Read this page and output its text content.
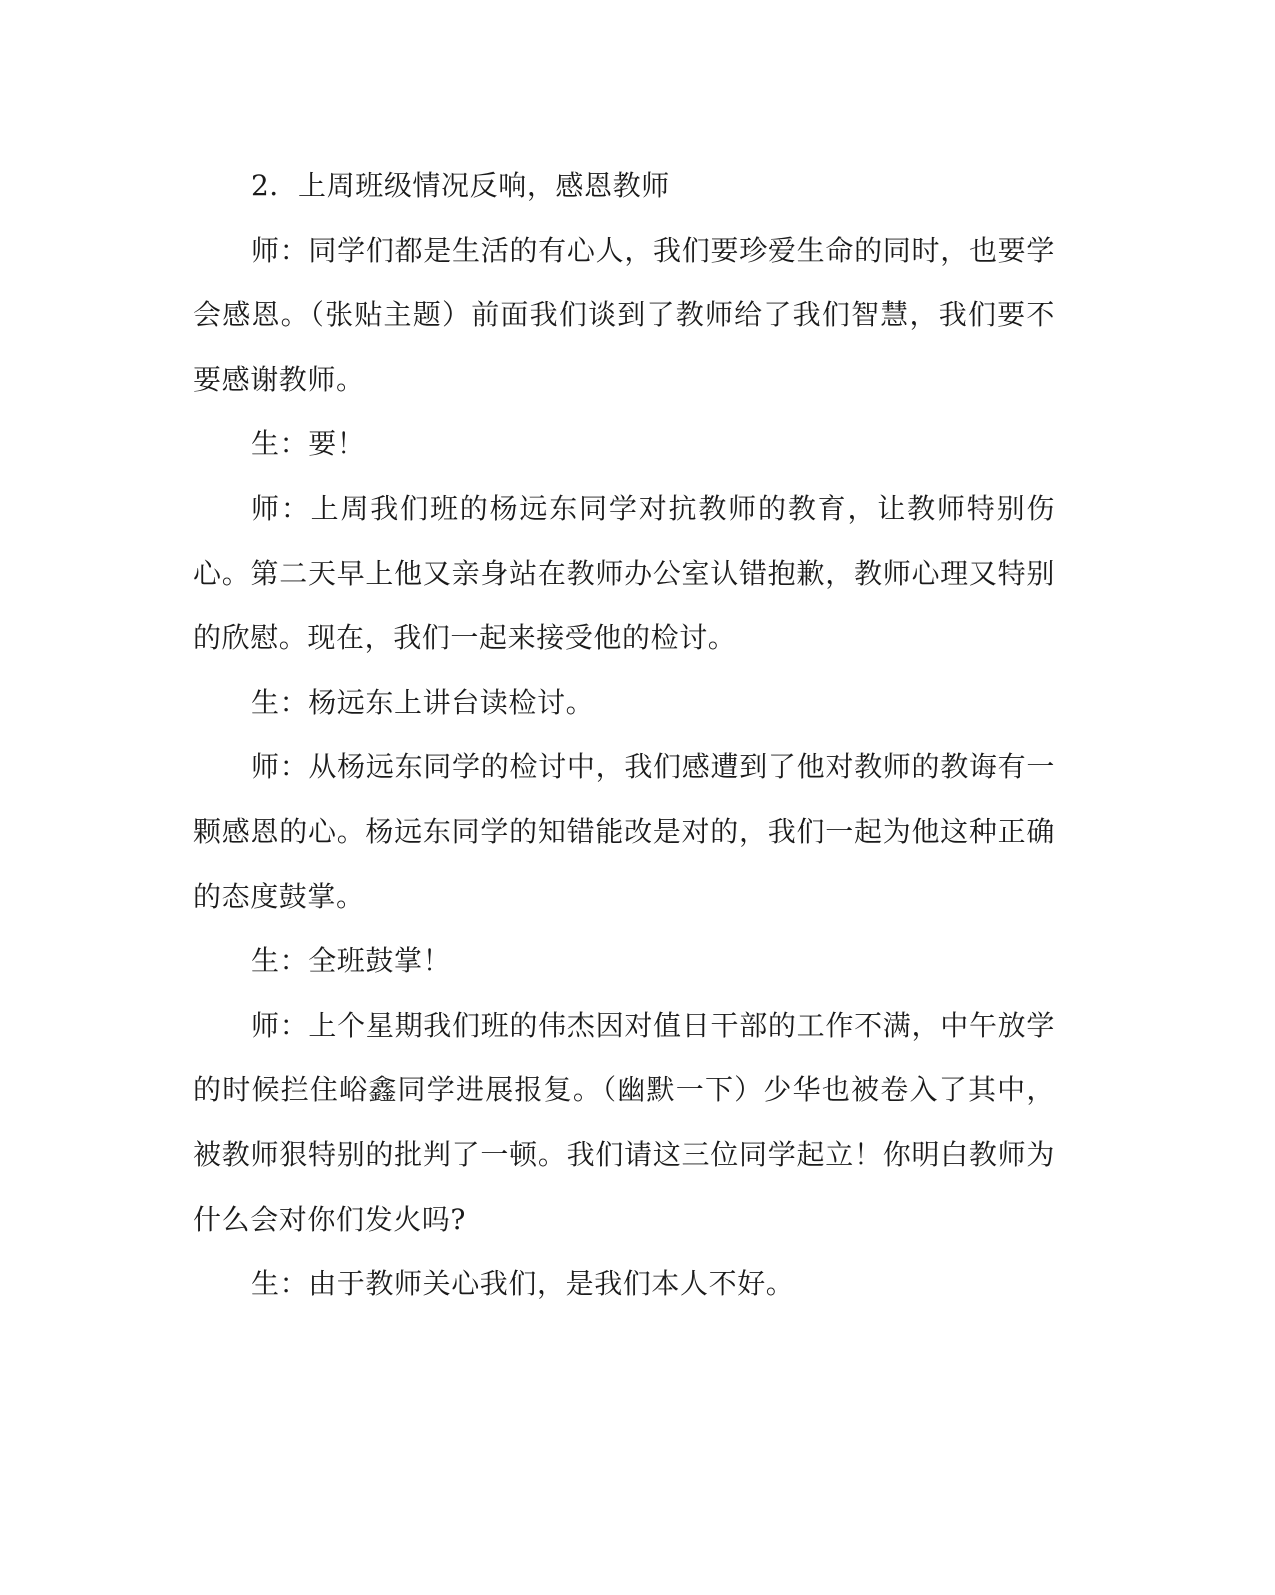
2．上周班级情况反响，感恩教师

师：同学们都是生活的有心人，我们要珍爱生命的同时，也要学会感恩。（张贴主题）前面我们谈到了教师给了我们智慧，我们要不要感谢教师。

生：要！

师：上周我们班的杨远东同学对抗教师的教育，让教师特别伤心。第二天早上他又亲身站在教师办公室认错抱歉，教师心理又特别的欣慰。现在，我们一起来接受他的检讨。

生：杨远东上讲台读检讨。

师：从杨远东同学的检讨中，我们感遭到了他对教师的教诲有一颗感恩的心。杨远东同学的知错能改是对的，我们一起为他这种正确的态度鼓掌。

生：全班鼓掌！

师：上个星期我们班的伟杰因对值日干部的工作不满，中午放学的时候拦住峪鑫同学进展报复。（幽默一下）少华也被卷入了其中，被教师狠特别的批判了一顿。我们请这三位同学起立！你明白教师为什么会对你们发火吗?

生：由于教师关心我们，是我们本人不好。
